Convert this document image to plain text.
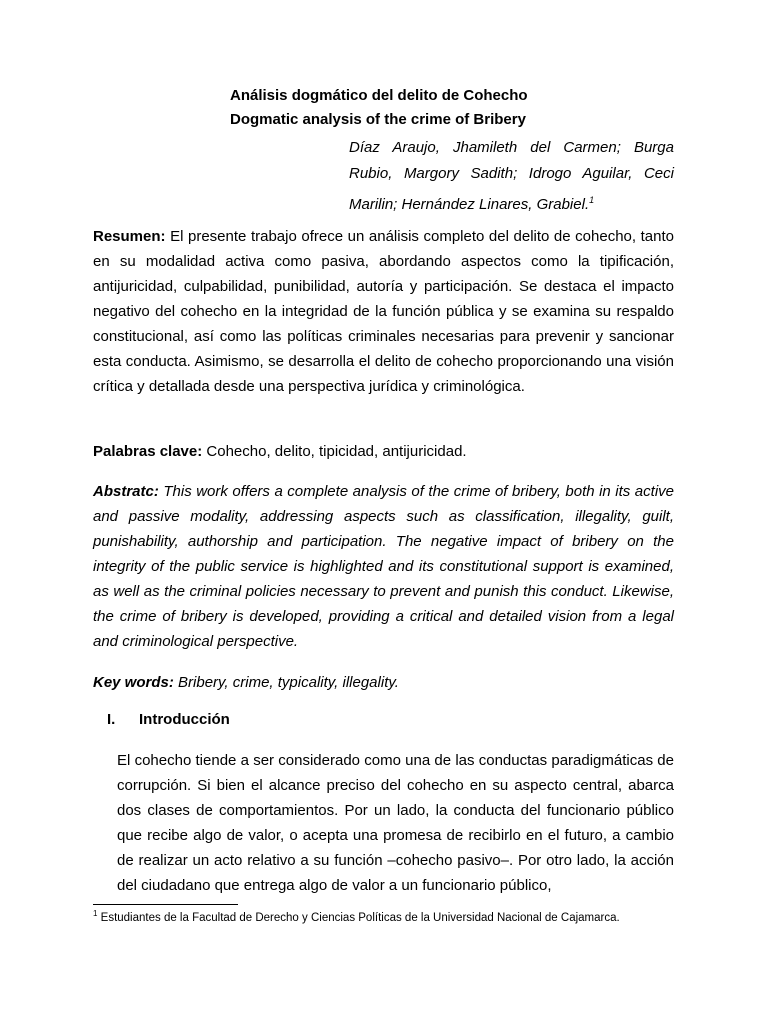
Análisis dogmático del delito de Cohecho
Dogmatic analysis of the crime of Bribery
Díaz Araujo, Jhamileth del Carmen; Burga Rubio, Margory Sadith; Idrogo Aguilar, Ceci Marilin; Hernández Linares, Grabiel.$^1$
Resumen: El presente trabajo ofrece un análisis completo del delito de cohecho, tanto en su modalidad activa como pasiva, abordando aspectos como la tipificación, antijuricidad, culpabilidad, punibilidad, autoría y participación. Se destaca el impacto negativo del cohecho en la integridad de la función pública y se examina su respaldo constitucional, así como las políticas criminales necesarias para prevenir y sancionar esta conducta. Asimismo, se desarrolla el delito de cohecho proporcionando una visión crítica y detallada desde una perspectiva jurídica y criminológica.
Palabras clave: Cohecho, delito, tipicidad, antijuricidad.
Abstratc: This work offers a complete analysis of the crime of bribery, both in its active and passive modality, addressing aspects such as classification, illegality, guilt, punishability, authorship and participation. The negative impact of bribery on the integrity of the public service is highlighted and its constitutional support is examined, as well as the criminal policies necessary to prevent and punish this conduct. Likewise, the crime of bribery is developed, providing a critical and detailed vision from a legal and criminological perspective.
Key words: Bribery, crime, typicality, illegality.
I. Introducción
El cohecho tiende a ser considerado como una de las conductas paradigmáticas de corrupción. Si bien el alcance preciso del cohecho en su aspecto central, abarca dos clases de comportamientos. Por un lado, la conducta del funcionario público que recibe algo de valor, o acepta una promesa de recibirlo en el futuro, a cambio de realizar un acto relativo a su función –cohecho pasivo–. Por otro lado, la acción del ciudadano que entrega algo de valor a un funcionario público,
$^1$ Estudiantes de la Facultad de Derecho y Ciencias Políticas de la Universidad Nacional de Cajamarca.
